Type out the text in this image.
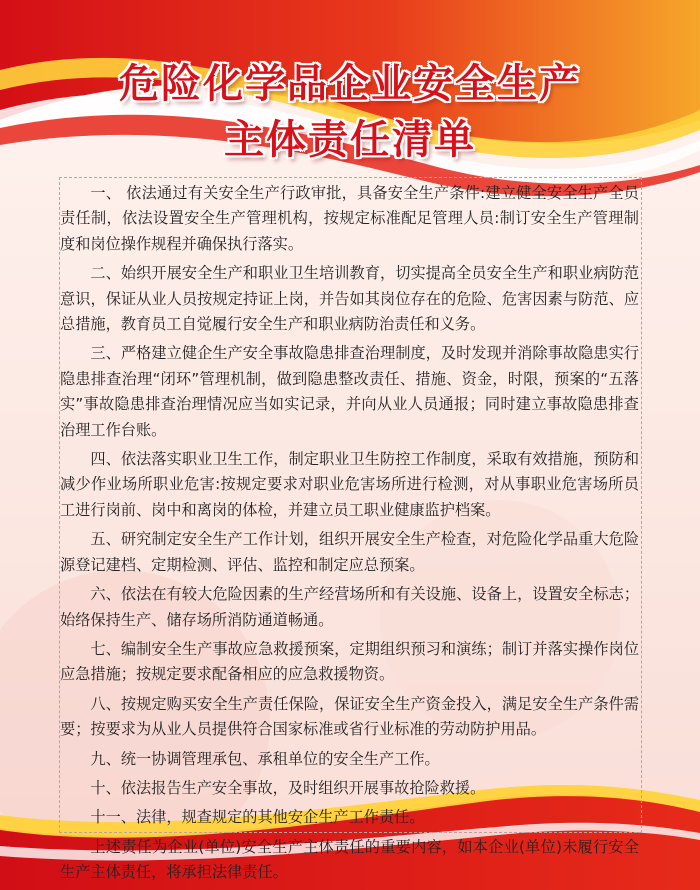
危险化学品企业安全生产
主体责任清单

一、 依法通过有关安全生产行政审批，具备安全生产条件:建立健全安全生产全员责任制，依法设置安全生产管理机构，按规定标准配足管理人员:制订安全生产管理制度和岗位操作规程并确保执行落实。

二、始织开展安全生产和职业卫生培训教育，切实提高全员安全生产和职业病防范意识，保证从业人员按规定持证上岗，并告如其岗位存在的危险、危害因素与防范、应总措施，教育员工自觉履行安全生产和职业病防治责任和义务。

三、严格建立健企生产安全事故隐患排查治理制度，及时发现并消除事故隐患实行隐患排查治理“闭环”管理机制，做到隐患整改责任、措施、资金，时限，预案的“五落实”事故隐患排查治理情况应当如实记录，并向从业人员通报；同时建立事故隐患排查治理工作台账。

四、依法落实职业卫生工作，制定职业卫生防控工作制度，采取有效措施，预防和减少作业场所职业危害:按规定要求对职业危害场所进行检测，对从事职业危害场所员工进行岗前、岗中和离岗的体检，并建立员工职业健康监护档案。

五、研究制定安全生产工作计划，组织开展安全生产检查，对危险化学品重大危险源登记建档、定期检测、评估、监控和制定应总预案。

六、依法在有较大危险因素的生产经营场所和有关设施、设备上，设置安全标志；始络保持生产、储存场所消防通道畅通。

七、编制安全生产事故应急救援预案，定期组织预习和演练；制订并落实操作岗位应急措施；按规定要求配备相应的应急救援物资。

八、按规定购买安全生产责任保险，保证安全生产资金投入，满足安全生产条件需要；按要求为从业人员提供符合国家标准或省行业标准的劳动防护用品。

九、统一协调管理承包、承租单位的安全生产工作。

十、依法报告生产安全事故，及时组织开展事故抢险救援。

十一、法律，规查规定的其他安企生产工作责任。

上述责任为企业(单位)安全生产主体责任的重要内容，如本企业(单位)未履行安全生产主体责任，将承担法律责任。
